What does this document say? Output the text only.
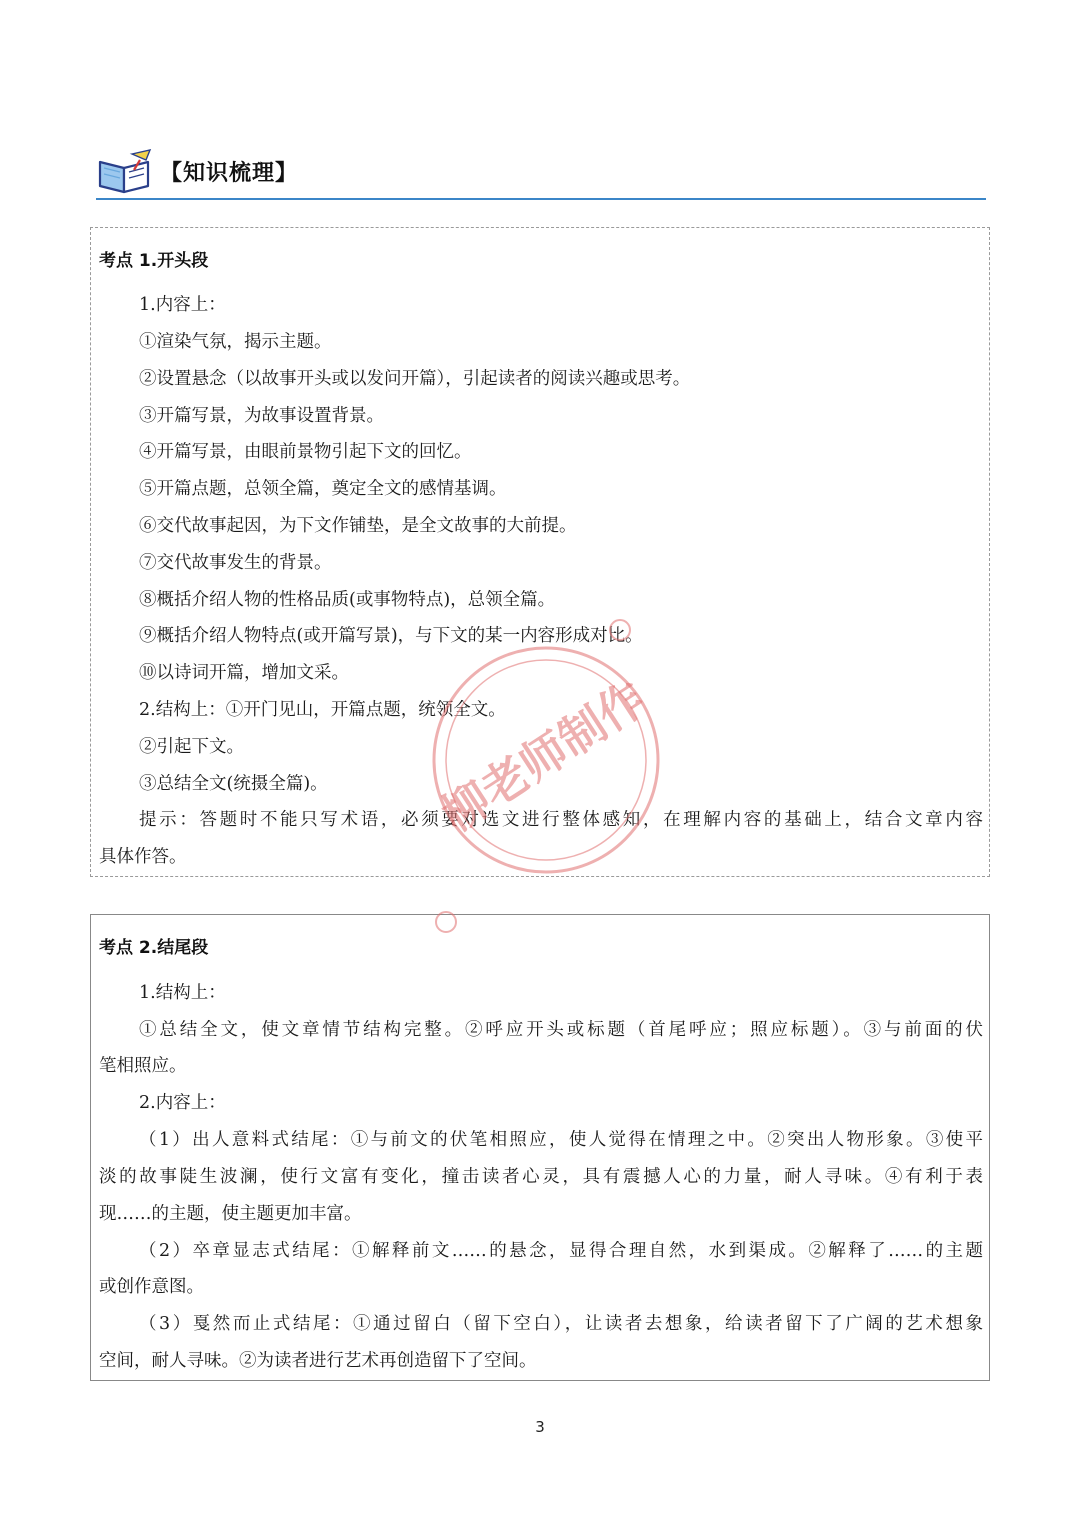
【知识梳理】
考点 1.开头段
1.内容上：
①渲染气氛，揭示主题。
②设置悬念（以故事开头或以发问开篇），引起读者的阅读兴趣或思考。
③开篇写景，为故事设置背景。
④开篇写景，由眼前景物引起下文的回忆。
⑤开篇点题，总领全篇，奠定全文的感情基调。
⑥交代故事起因，为下文作铺垫，是全文故事的大前提。
⑦交代故事发生的背景。
⑧概括介绍人物的性格品质(或事物特点)，总领全篇。
⑨概括介绍人物特点(或开篇写景)，与下文的某一内容形成对比。
⑩以诗词开篇，增加文采。
2.结构上：①开门见山，开篇点题，统领全文。
②引起下文。
③总结全文(统摄全篇)。
提示：答题时不能只写术语，必须要对选文进行整体感知，在理解内容的基础上，结合文章内容
具体作答。
考点 2.结尾段
1.结构上：
①总结全文，使文章情节结构完整。②呼应开头或标题（首尾呼应；照应标题）。③与前面的伏
笔相照应。
2.内容上：
（1）出人意料式结尾：①与前文的伏笔相照应，使人觉得在情理之中。②突出人物形象。③使平
淡的故事陡生波澜，使行文富有变化，撞击读者心灵，具有震撼人心的力量，耐人寻味。④有利于表
现……的主题，使主题更加丰富。
（2）卒章显志式结尾：①解释前文……的悬念，显得合理自然，水到渠成。②解释了……的主题
或创作意图。
（3）戛然而止式结尾：①通过留白（留下空白），让读者去想象，给读者留下了广阔的艺术想象
空间，耐人寻味。②为读者进行艺术再创造留下了空间。
柳老师制作
3
